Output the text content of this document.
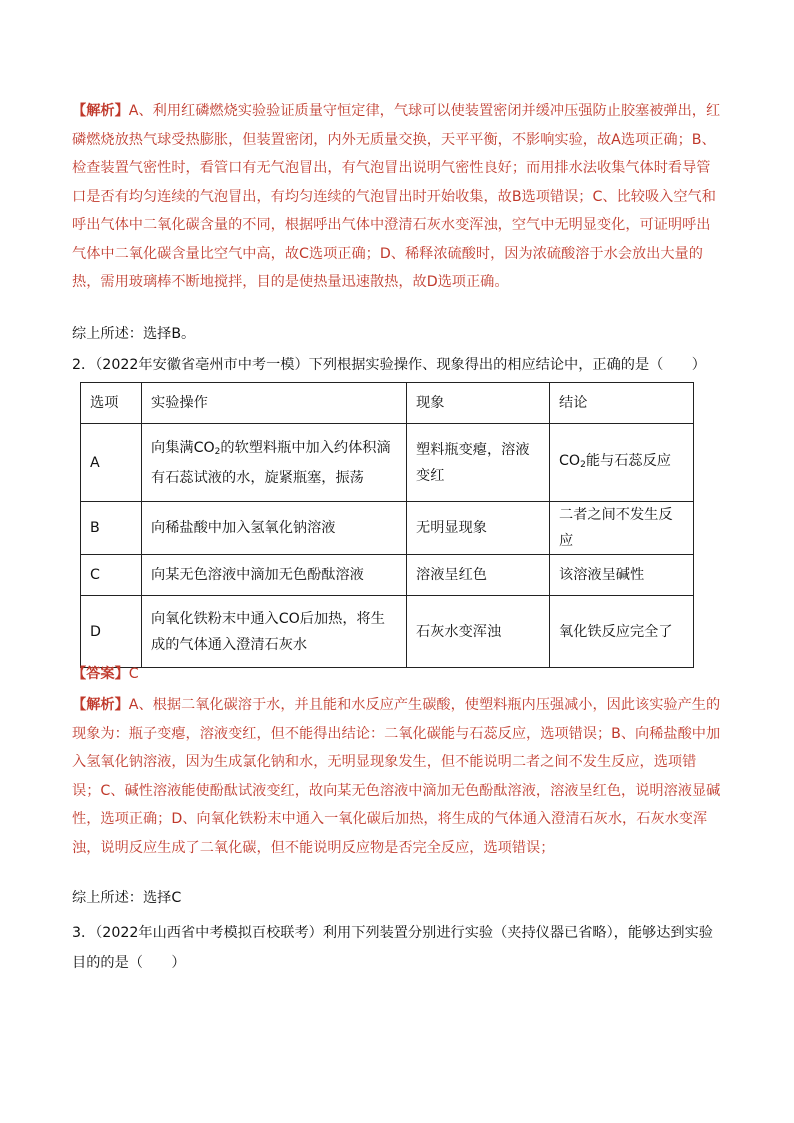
【解析】A、利用红磷燃烧实验验证质量守恒定律，气球可以使装置密闭并缓冲压强防止胶塞被弹出，红磷燃烧放热气球受热膨胀，但装置密闭，内外无质量交换，天平平衡，不影响实验，故A选项正确；B、检查装置气密性时，看管口有无气泡冒出，有气泡冒出说明气密性良好；而用排水法收集气体时看导管口是否有均匀连续的气泡冒出，有均匀连续的气泡冒出时开始收集，故B选项错误；C、比较吸入空气和呼出气体中二氧化碳含量的不同，根据呼出气体中澄清石灰水变浑浊，空气中无明显变化，可证明呼出气体中二氧化碳含量比空气中高，故C选项正确；D、稀释浓硫酸时，因为浓硫酸溶于水会放出大量的热，需用玻璃棒不断地搅拌，目的是使热量迅速散热，故D选项正确。

综上所述：选择B。

2．（2022年安徽省亳州市中考一模）下列根据实验操作、现象得出的相应结论中，正确的是（　　）

选项	实验操作	现象	结论
A	向集满$CO_2$的软塑料瓶中加入约体积滴有石蕊试液的水，旋紧瓶塞，振荡	塑料瓶变瘪，溶液变红	$CO_2$能与石蕊反应
B	向稀盐酸中加入氢氧化钠溶液	无明显现象	二者之间不发生反应
C	向某无色溶液中滴加无色酚酞溶液	溶液呈红色	该溶液呈碱性
D	向氧化铁粉末中通入CO后加热，将生成的气体通入澄清石灰水	石灰水变浑浊	氧化铁反应完全了

【答案】C

【解析】A、根据二氧化碳溶于水，并且能和水反应产生碳酸，使塑料瓶内压强减小，因此该实验产生的现象为：瓶子变瘪，溶液变红，但不能得出结论：二氧化碳能与石蕊反应，选项错误；B、向稀盐酸中加入氢氧化钠溶液，因为生成氯化钠和水，无明显现象发生，但不能说明二者之间不发生反应，选项错误；C、碱性溶液能使酚酞试液变红，故向某无色溶液中滴加无色酚酞溶液，溶液呈红色，说明溶液显碱性，选项正确；D、向氧化铁粉末中通入一氧化碳后加热，将生成的气体通入澄清石灰水，石灰水变浑浊，说明反应生成了二氧化碳，但不能说明反应物是否完全反应，选项错误；

综上所述：选择C

3．（2022年山西省中考模拟百校联考）利用下列装置分别进行实验（夹持仪器已省略），能够达到实验目的的是（　　）
